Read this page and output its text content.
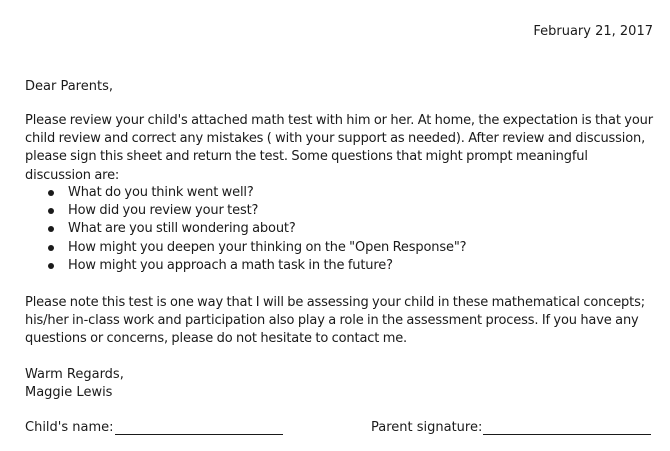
February 21, 2017
Dear Parents,

Please review your child's attached math test with him or her. At home, the expectation is that your child review and correct any mistakes ( with your support as needed). After review and discussion, please sign this sheet and return the test. Some questions that might prompt meaningful discussion are:

What do you think went well?
How did you review your test?
What are you still wondering about?
How might you deepen your thinking on the "Open Response"?
How might you approach a math task in the future?

Please note this test is one way that I will be assessing your child in these mathematical concepts; his/her in-class work and participation also play a role in the assessment process. If you have any questions or concerns, please do not hesitate to contact me.

Warm Regards,
Maggie Lewis
Child's name:	Parent signature:
